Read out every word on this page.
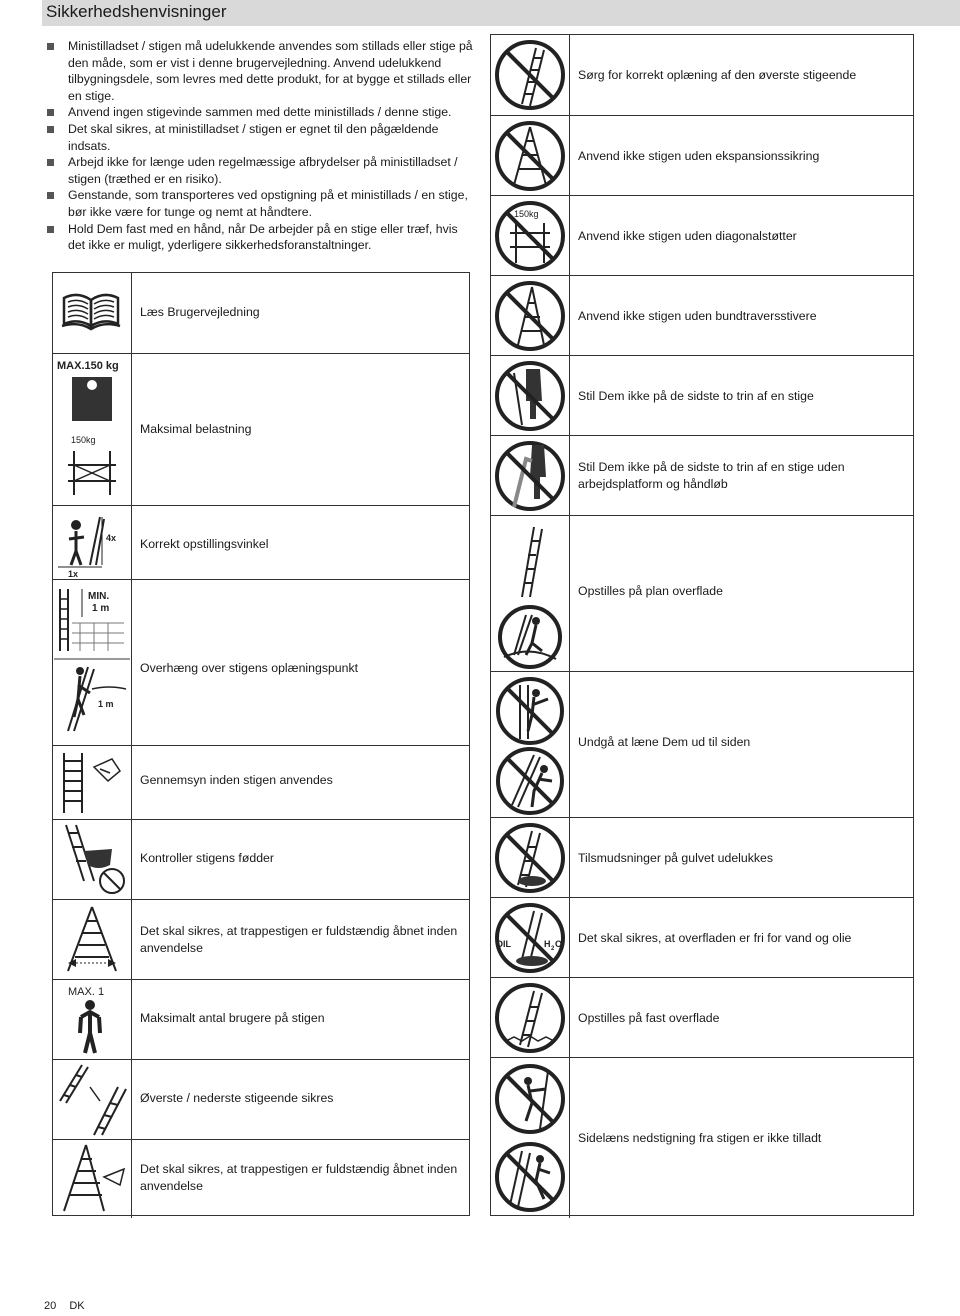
Sikkerhedshenvisninger
Ministilladset / stigen må udelukkende anvendes som stillads eller stige på den måde, som er vist i denne brugervejledning. Anvend udelukkend tilbygningsdele, som levres med dette produkt, for at bygge et stillads eller en stige.
Anvend ingen stigevinde sammen med dette ministillads / denne stige.
Det skal sikres, at ministilladset / stigen er egnet til den pågældende indsats.
Arbejd ikke for længe uden regelmæssige afbrydelser på ministilladset / stigen (træthed er en risiko).
Genstande, som transporteres ved opstigning på et ministillads / en stige, bør ikke være for tunge og nemt at håndtere.
Hold Dem fast med en hånd, når De arbejder på en stige eller træf, hvis det ikke er muligt, yderligere sikkerhedsforanstaltninger.
Læs Brugervejledning
MAX.150 kg
150kg
Maksimal belastning
4x
1x
Korrekt opstillingsvinkel
MIN.
1 m
1 m
Overhæng over stigens oplæningspunkt
Gennemsyn inden stigen anvendes
Kontroller stigens fødder
Det skal sikres, at trappestigen er fuldstændig åbnet inden anvendelse
MAX. 1
Maksimalt antal brugere på stigen
Øverste / nederste stigeende sikres
Det skal sikres, at trappestigen er fuldstændig åbnet inden anvendelse
Sørg for korrekt oplæning af den øverste stigeende
Anvend ikke stigen uden ekspansionssikring
150kg
Anvend ikke stigen uden diagonalstøtter
Anvend ikke stigen uden bundtraversstivere
Stil Dem ikke på de sidste to trin af en stige
Stil Dem ikke på de sidste to trin af en stige uden arbejdsplatform og håndløb
Opstilles på plan overflade
Undgå at læne Dem ud til siden
Tilsmudsninger på gulvet udelukkes
OIL	H 2 O Det skal sikres, at overfladen er fri for vand og olie
Opstilles på fast overflade
Sidelæns nedstigning fra stigen er ikke tilladt
20 DK
